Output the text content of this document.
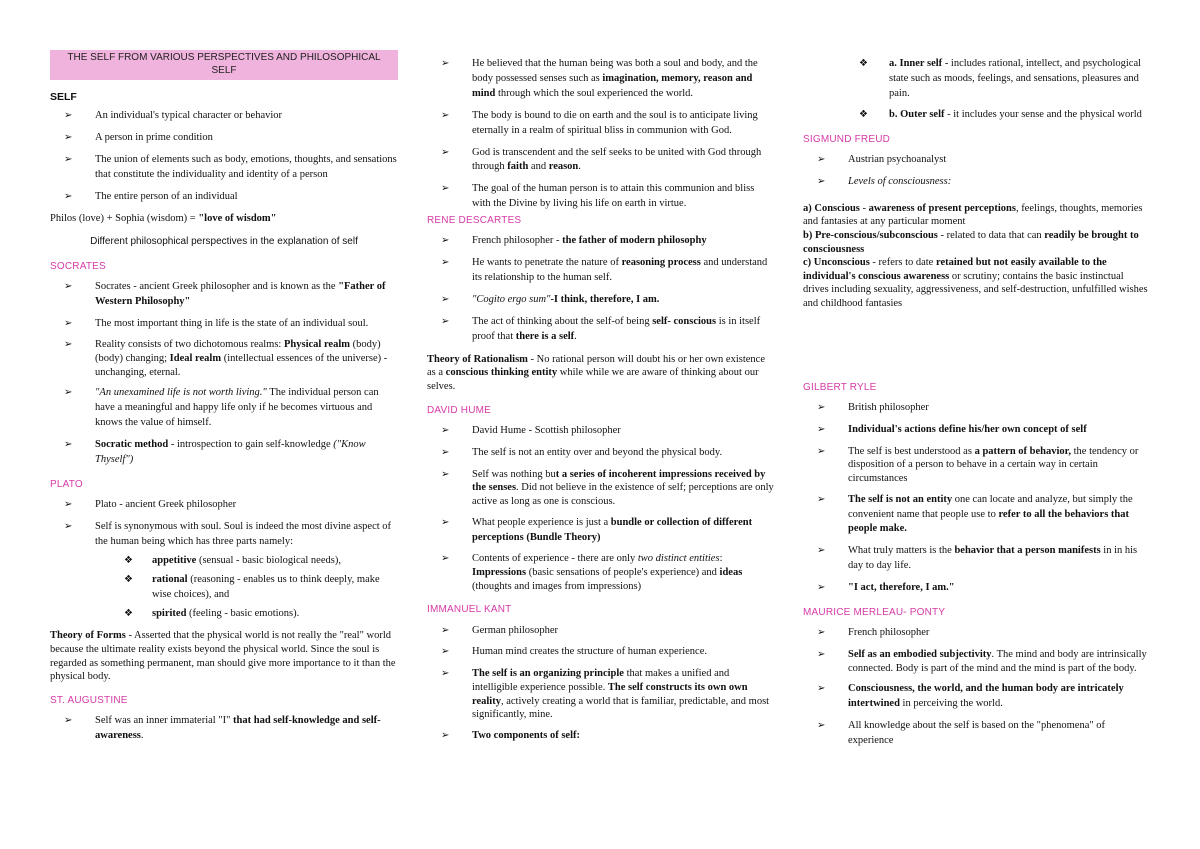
THE SELF FROM VARIOUS PERSPECTIVES AND PHILOSOPHICAL SELF
SELF
➢ An individual's typical character or behavior
➢ A person in prime condition
➢ The union of elements such as body, emotions, thoughts, and sensations that constitute the individuality and identity of a person
➢ The entire person of an individual
Philos (love) + Sophia (wisdom) = "love of wisdom"
Different philosophical perspectives in the explanation of self
SOCRATES
➢ Socrates - ancient Greek philosopher and is known as the "Father of Western Philosophy"
➢ The most important thing in life is the state of an individual soul.
➢ Reality consists of two dichotomous realms: Physical realm (body) (body) changing; Ideal realm (intellectual essences of the universe) - unchanging, eternal.
➢ "An unexamined life is not worth living." The individual person can have a meaningful and happy life only if he becomes virtuous and knows the value of himself.
➢ Socratic method - introspection to gain self-knowledge ("Know Thyself")
PLATO
➢ Plato - ancient Greek philosopher
➢ Self is synonymous with soul. Soul is indeed the most divine aspect of the human being which has three parts namely:
❖ appetitive (sensual - basic biological needs),
❖ rational (reasoning - enables us to think deeply, make wise choices), and
❖ spirited (feeling - basic emotions).
Theory of Forms - Asserted that the physical world is not really the "real" world because the ultimate reality exists beyond the physical world. Since the soul is regarded as something permanent, man should give more importance to it than the physical body.
ST. AUGUSTINE
➢ Self was an inner immaterial "I" that had self-knowledge and self- awareness.
➢ He believed that the human being was both a soul and body, and the body possessed senses such as imagination, memory, reason and mind through which the soul experienced the world.
➢ The body is bound to die on earth and the soul is to anticipate living eternally in a realm of spiritual bliss in communion with God.
➢ God is transcendent and the self seeks to be united with God through through faith and reason.
➢ The goal of the human person is to attain this communion and bliss with the Divine by living his life on earth in virtue.
RENE DESCARTES
➢ French philosopher - the father of modern philosophy
➢ He wants to penetrate the nature of reasoning process and understand its relationship to the human self.
➢ "Cogito ergo sum"-I think, therefore, I am.
➢ The act of thinking about the self-of being self- conscious is in itself proof that there is a self.
Theory of Rationalism - No rational person will doubt his or her own existence as a conscious thinking entity while while we are aware of thinking about our selves.
DAVID HUME
➢ David Hume - Scottish philosopher
➢ The self is not an entity over and beyond the physical body.
➢ Self was nothing but a series of incoherent impressions received by the senses. Did not believe in the existence of self; perceptions are only active as long as one is conscious.
➢ What people experience is just a bundle or collection of different perceptions (Bundle Theory)
➢ Contents of experience - there are only two distinct entities: Impressions (basic sensations of people's experience) and ideas (thoughts and images from impressions)
IMMANUEL KANT
➢ German philosopher
➢ Human mind creates the structure of human experience.
➢ The self is an organizing principle that makes a unified and intelligible experience possible. The self constructs its own own reality, actively creating a world that is familiar, predictable, and most significantly, mine.
➢ Two components of self:
❖ a. Inner self - includes rational, intellect, and psychological state such as moods, feelings, and sensations, pleasures and pain.
❖ b. Outer self - it includes your sense and the physical world
SIGMUND FREUD
➢ Austrian psychoanalyst
➢ Levels of consciousness:
a) Conscious - awareness of present perceptions, feelings, thoughts, memories and fantasies at any particular moment
b) Pre-conscious/subconscious - related to data that can readily be brought to consciousness
c) Unconscious - refers to date retained but not easily available to the individual's conscious awareness or scrutiny; contains the basic instinctual drives including sexuality, aggressiveness, and self-destruction, unfulfilled wishes and childhood fantasies
GILBERT RYLE
➢ British philosopher
➢ Individual's actions define his/her own concept of self
➢ The self is best understood as a pattern of behavior, the tendency or disposition of a person to behave in a certain way in certain circumstances
➢ The self is not an entity one can locate and analyze, but simply the convenient name that people use to refer to all the behaviors that people make.
➢ What truly matters is the behavior that a person manifests in in his day to day life.
➢ "I act, therefore, I am."
MAURICE MERLEAU- PONTY
➢ French philosopher
➢ Self as an embodied subjectivity. The mind and body are intrinsically connected. Body is part of the mind and the mind is part of the body.
➢ Consciousness, the world, and the human body are intricately intertwined in perceiving the world.
➢ All knowledge about the self is based on the "phenomena" of experience
